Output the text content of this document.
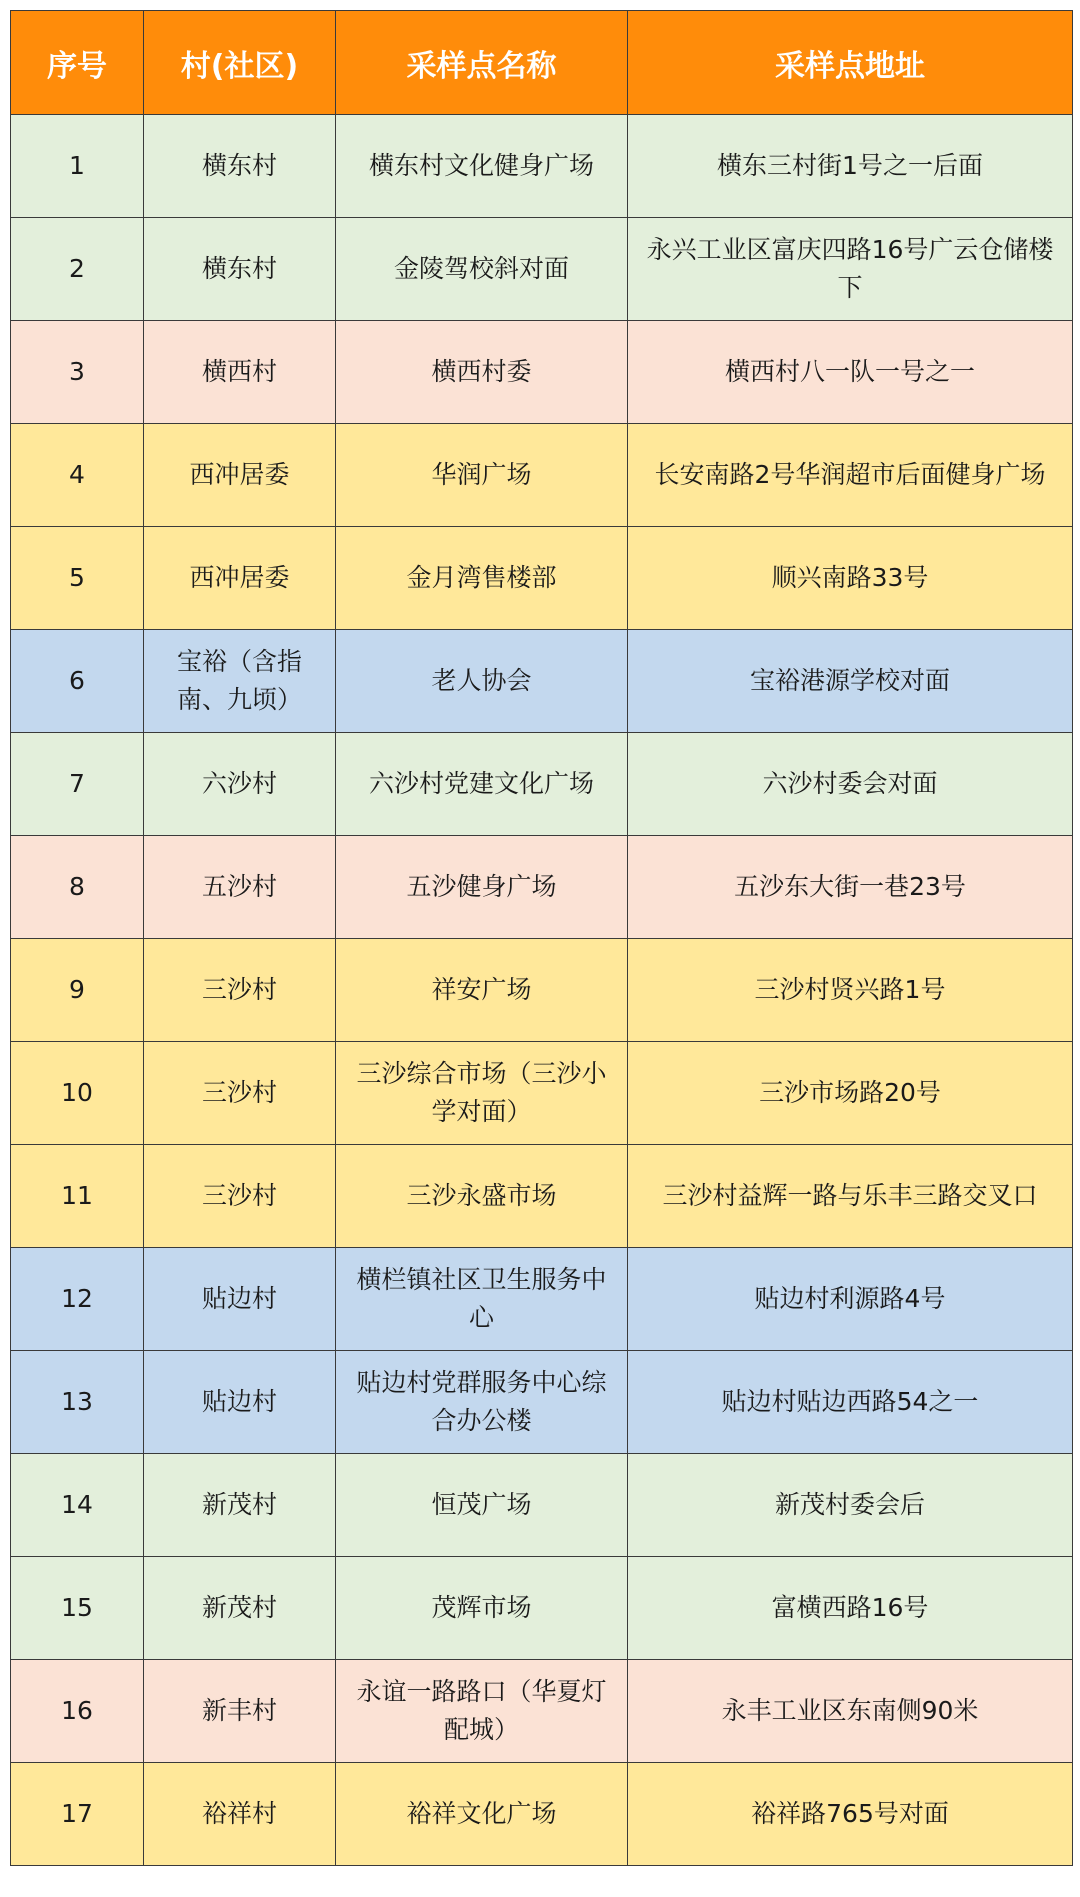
序号	村(社区)	采样点名称	采样点地址
1	横东村	横东村文化健身广场	横东三村街1号之一后面
2	横东村	金陵驾校斜对面	永兴工业区富庆四路16号广云仓储楼下
3	横西村	横西村委	横西村八一队一号之一
4	西冲居委	华润广场	长安南路2号华润超市后面健身广场
5	西冲居委	金月湾售楼部	顺兴南路33号
6	宝裕（含指南、九顷）	老人协会	宝裕港源学校对面
7	六沙村	六沙村党建文化广场	六沙村委会对面
8	五沙村	五沙健身广场	五沙东大街一巷23号
9	三沙村	祥安广场	三沙村贤兴路1号
10	三沙村	三沙综合市场（三沙小学对面）	三沙市场路20号
11	三沙村	三沙永盛市场	三沙村益辉一路与乐丰三路交叉口
12	贴边村	横栏镇社区卫生服务中心	贴边村利源路4号
13	贴边村	贴边村党群服务中心综合办公楼	贴边村贴边西路54之一
14	新茂村	恒茂广场	新茂村委会后
15	新茂村	茂辉市场	富横西路16号
16	新丰村	永谊一路路口（华夏灯配城）	永丰工业区东南侧90米
17	裕祥村	裕祥文化广场	裕祥路765号对面
